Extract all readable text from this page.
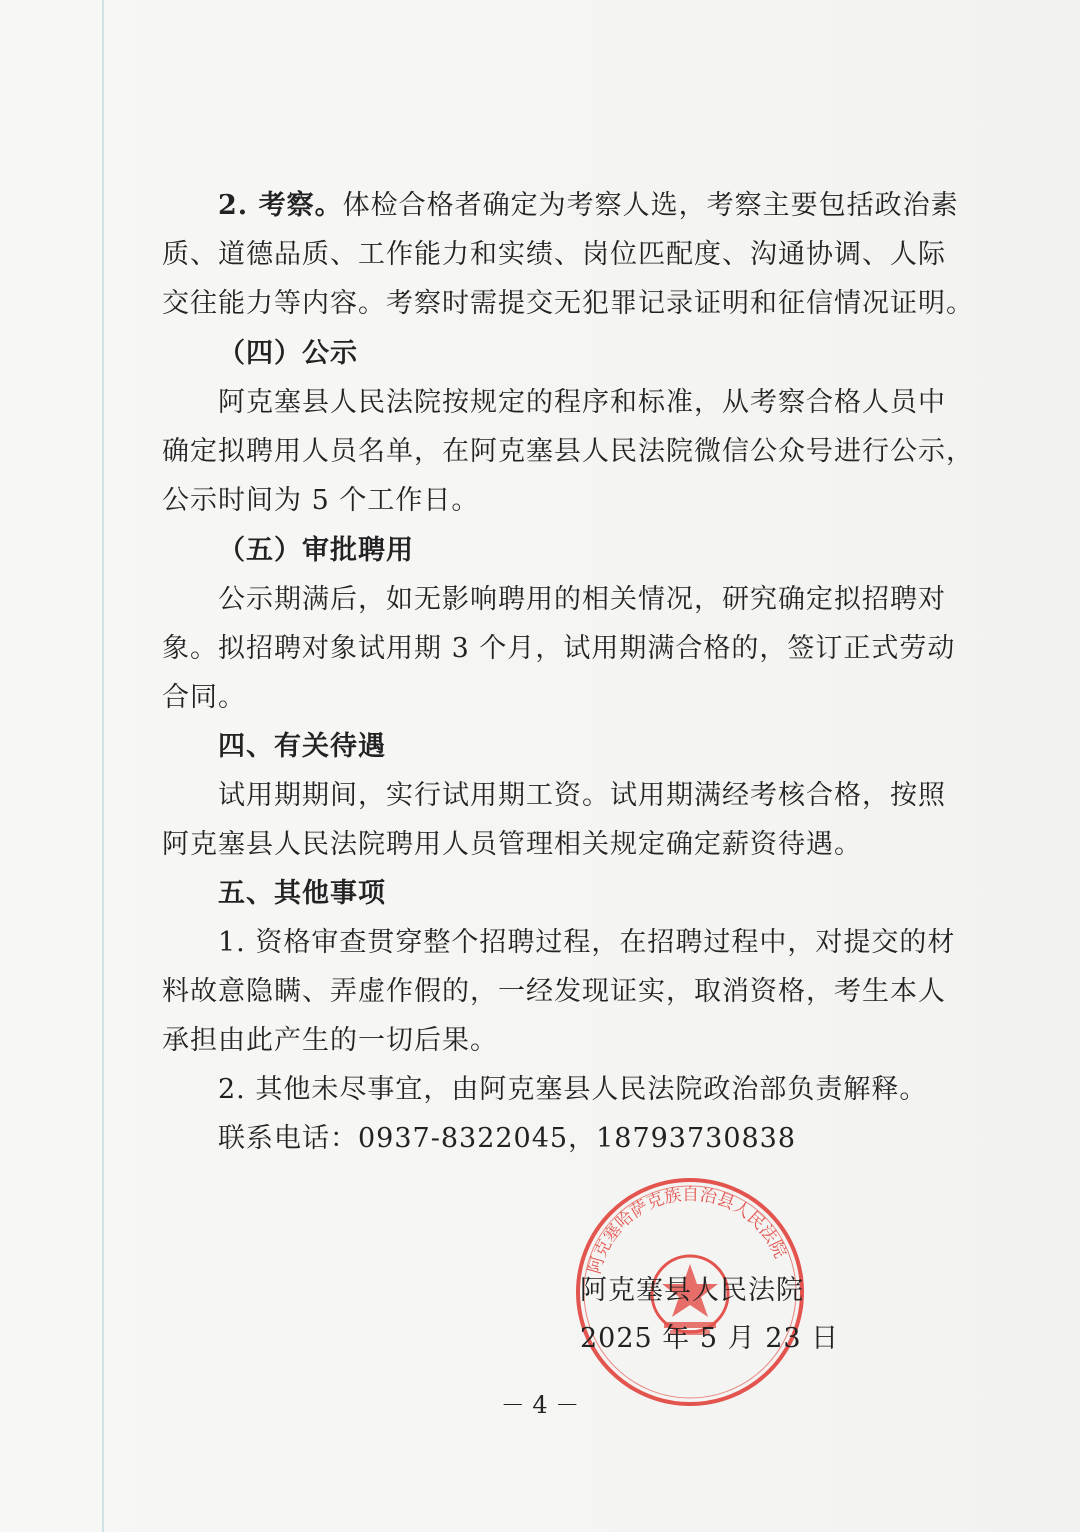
2. 考察。体检合格者确定为考察人选，考察主要包括政治素
质、道德品质、工作能力和实绩、岗位匹配度、沟通协调、人际
交往能力等内容。考察时需提交无犯罪记录证明和征信情况证明。
（四）公示
阿克塞县人民法院按规定的程序和标准，从考察合格人员中
确定拟聘用人员名单，在阿克塞县人民法院微信公众号进行公示，
公示时间为 5 个工作日。
（五）审批聘用
公示期满后，如无影响聘用的相关情况，研究确定拟招聘对
象。拟招聘对象试用期 3 个月，试用期满合格的，签订正式劳动
合同。
四、有关待遇
试用期期间，实行试用期工资。试用期满经考核合格，按照
阿克塞县人民法院聘用人员管理相关规定确定薪资待遇。
五、其他事项
1. 资格审查贯穿整个招聘过程，在招聘过程中，对提交的材
料故意隐瞒、弄虚作假的，一经发现证实，取消资格，考生本人
承担由此产生的一切后果。
2. 其他未尽事宜，由阿克塞县人民法院政治部负责解释。
联系电话：0937-8322045，18793730838
阿克塞哈萨克族自治县人民法院
阿克塞县人民法院
2025 年 5 月 23 日
－ 4 －
